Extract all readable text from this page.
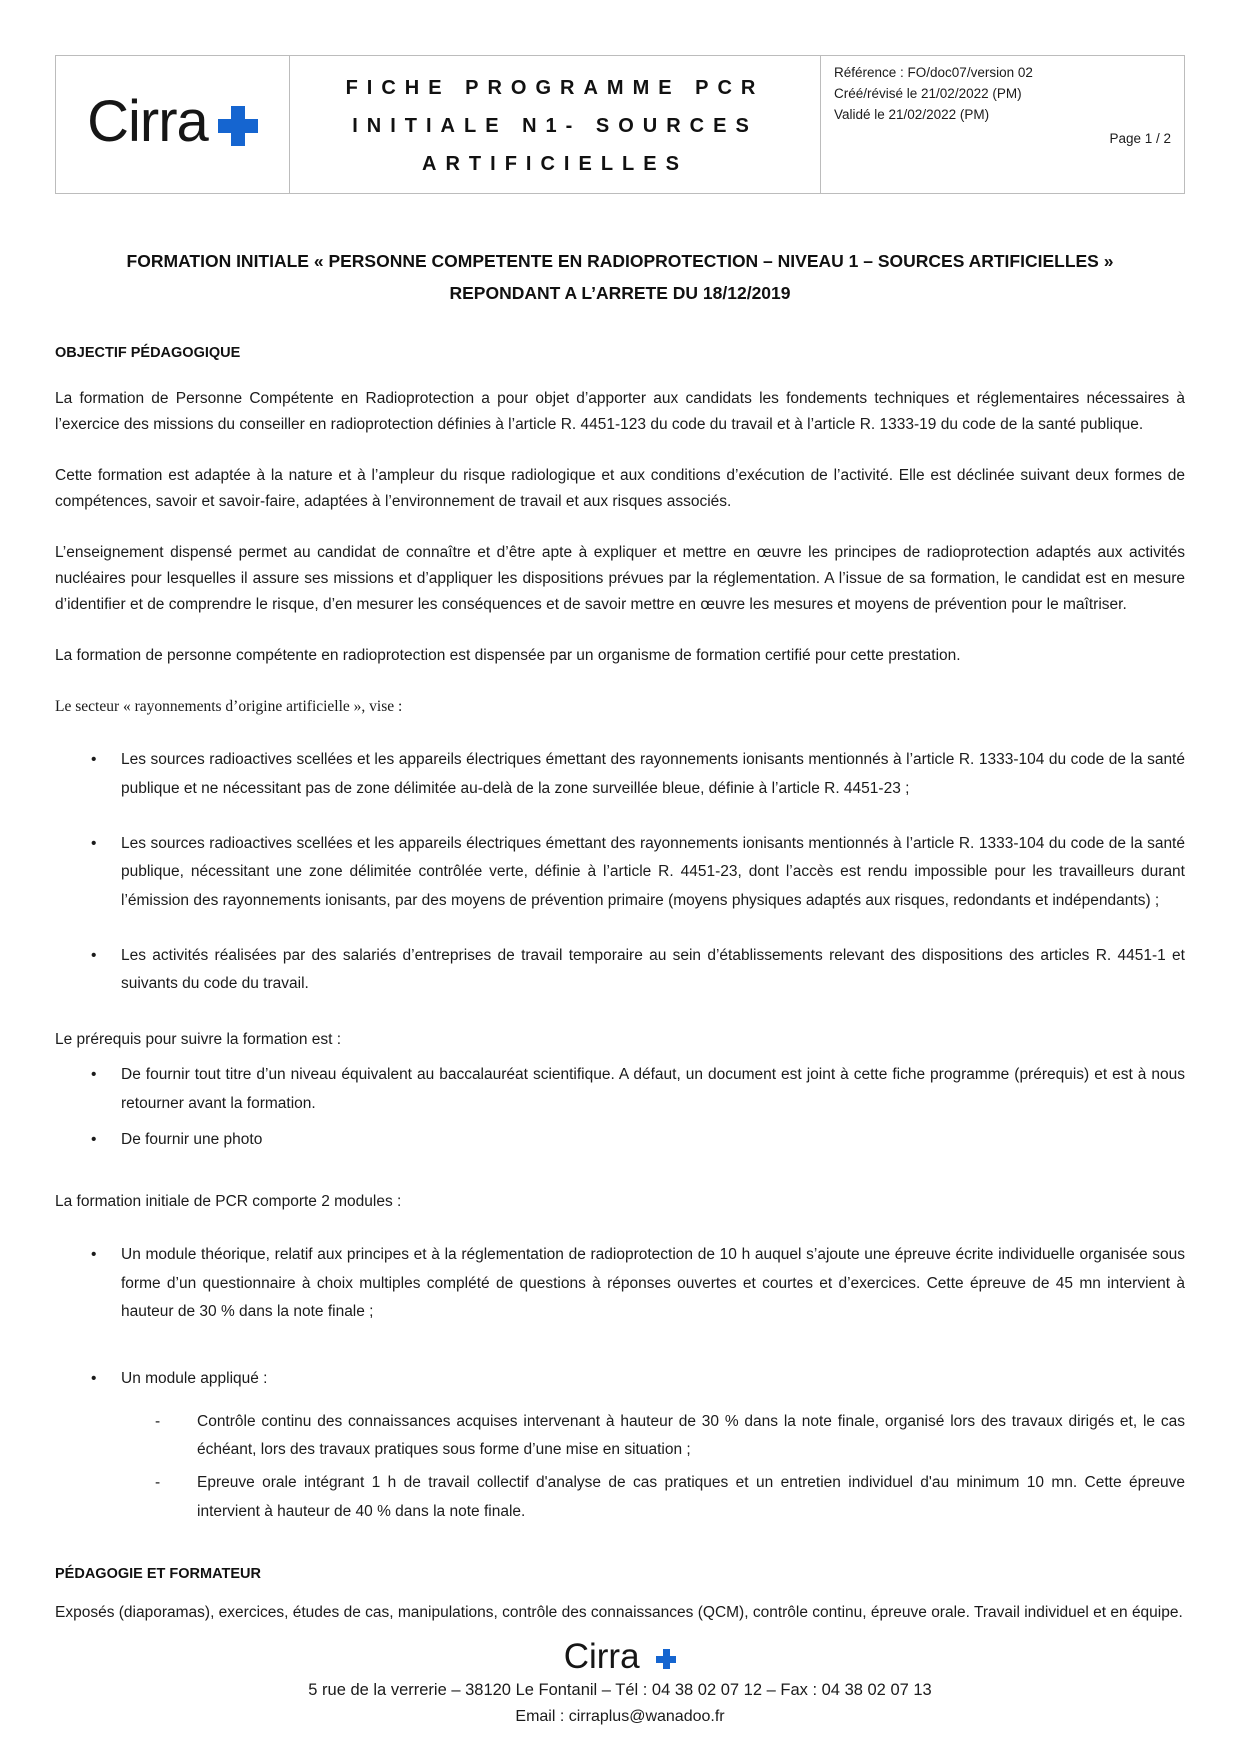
Cirra
FICHE PROGRAMME PCR
INITIALE N1- SOURCES
ARTIFICIELLES
Référence : FO/doc07/version 02
Créé/révisé le 21/02/2022 (PM)
Validé le 21/02/2022 (PM)
Page 1 / 2
FORMATION INITIALE « PERSONNE COMPETENTE EN RADIOPROTECTION – NIVEAU 1 – SOURCES ARTIFICIELLES » REPONDANT A L’ARRETE DU 18/12/2019
OBJECTIF PÉDAGOGIQUE

La formation de Personne Compétente en Radioprotection a pour objet d’apporter aux candidats les fondements techniques et réglementaires nécessaires à l’exercice des missions du conseiller en radioprotection définies à l’article R. 4451-123 du code du travail et à l’article R. 1333-19 du code de la santé publique.

Cette formation est adaptée à la nature et à l’ampleur du risque radiologique et aux conditions d’exécution de l’activité. Elle est déclinée suivant deux formes de compétences, savoir et savoir-faire, adaptées à l’environnement de travail et aux risques associés.

L’enseignement dispensé permet au candidat de connaître et d’être apte à expliquer et mettre en œuvre les principes de radioprotection adaptés aux activités nucléaires pour lesquelles il assure ses missions et d’appliquer les dispositions prévues par la réglementation. A l’issue de sa formation, le candidat est en mesure d’identifier et de comprendre le risque, d’en mesurer les conséquences et de savoir mettre en œuvre les mesures et moyens de prévention pour le maîtriser.

La formation de personne compétente en radioprotection est dispensée par un organisme de formation certifié pour cette prestation.

Le secteur « rayonnements d’origine artificielle », vise :

•	Les sources radioactives scellées et les appareils électriques émettant des rayonnements ionisants mentionnés à l’article R. 1333-104 du code de la santé publique et ne nécessitant pas de zone délimitée au-delà de la zone surveillée bleue, définie à l’article R. 4451-23 ;
•	Les sources radioactives scellées et les appareils électriques émettant des rayonnements ionisants mentionnés à l’article R. 1333-104 du code de la santé publique, nécessitant une zone délimitée contrôlée verte, définie à l’article R. 4451-23, dont l’accès est rendu impossible pour les travailleurs durant l’émission des rayonnements ionisants, par des moyens de prévention primaire (moyens physiques adaptés aux risques, redondants et indépendants) ;
•	Les activités réalisées par des salariés d’entreprises de travail temporaire au sein d’établissements relevant des dispositions des articles R. 4451-1 et suivants du code du travail.

Le prérequis pour suivre la formation est :

•	De fournir tout titre d’un niveau équivalent au baccalauréat scientifique. A défaut, un document est joint à cette fiche programme (prérequis) et est à nous retourner avant la formation.
•	De fournir une photo

La formation initiale de PCR comporte 2 modules :

•	Un module théorique, relatif aux principes et à la réglementation de radioprotection de 10 h auquel s’ajoute une épreuve écrite individuelle organisée sous forme d’un questionnaire à choix multiples complété de questions à réponses ouvertes et courtes et d’exercices. Cette épreuve de 45 mn intervient à hauteur de 30 % dans la note finale ;
•	Un module appliqué :
-	Contrôle continu des connaissances acquises intervenant à hauteur de 30 % dans la note finale, organisé lors des travaux dirigés et, le cas échéant, lors des travaux pratiques sous forme d’une mise en situation ;
-	Epreuve orale intégrant 1 h de travail collectif d'analyse de cas pratiques et un entretien individuel d'au minimum 10 mn. Cette épreuve intervient à hauteur de 40 % dans la note finale.
PÉDAGOGIE ET FORMATEUR

Exposés (diaporamas), exercices, études de cas, manipulations, contrôle des connaissances (QCM), contrôle continu, épreuve orale. Travail individuel et en équipe.

Cirra
5 rue de la verrerie – 38120 Le Fontanil – Tél : 04 38 02 07 12 – Fax : 04 38 02 07 13
Email : cirraplus@wanadoo.fr
